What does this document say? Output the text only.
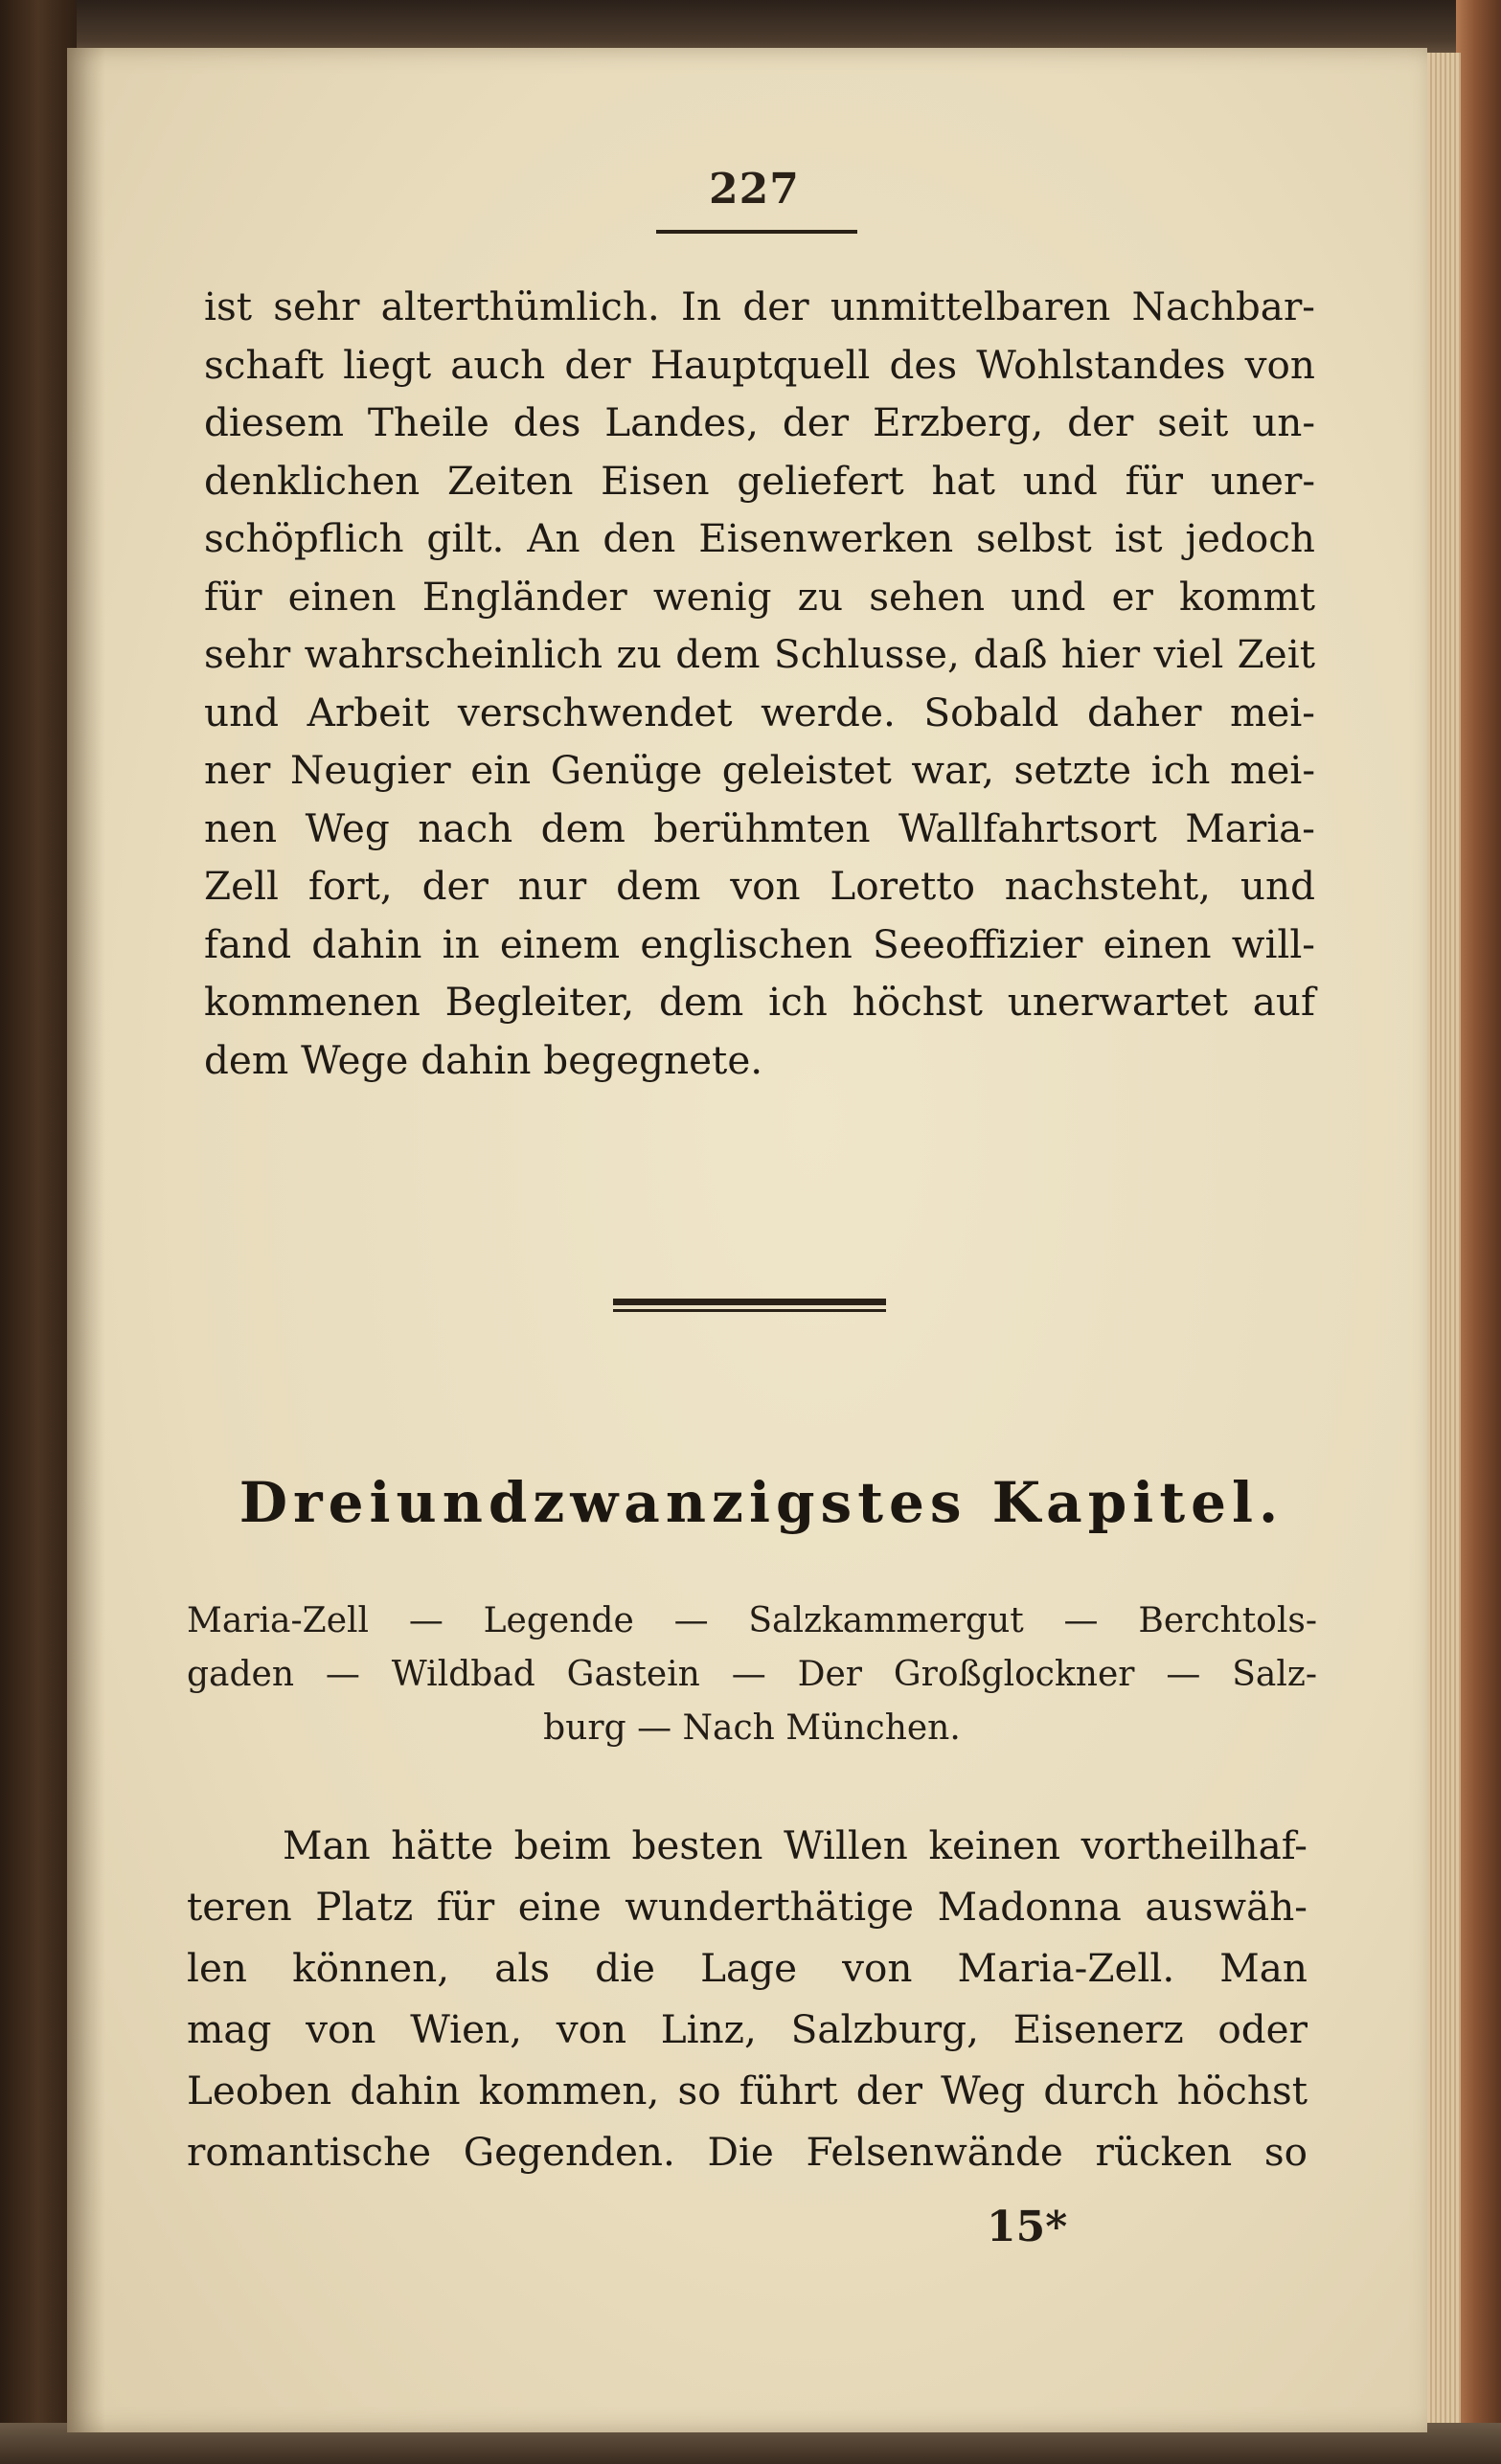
227
ist sehr alterthümlich. In der unmittelbaren Nachbar-
schaft liegt auch der Hauptquell des Wohlstandes von
diesem Theile des Landes, der Erzberg, der seit un-
denklichen Zeiten Eisen geliefert hat und für uner-
schöpflich gilt. An den Eisenwerken selbst ist jedoch
für einen Engländer wenig zu sehen und er kommt
sehr wahrscheinlich zu dem Schlusse, daß hier viel Zeit
und Arbeit verschwendet werde. Sobald daher mei-
ner Neugier ein Genüge geleistet war, setzte ich mei-
nen Weg nach dem berühmten Wallfahrtsort Maria-
Zell fort, der nur dem von Loretto nachsteht, und
fand dahin in einem englischen Seeoffizier einen will-
kommenen Begleiter, dem ich höchst unerwartet auf
dem Wege dahin begegnete.
Dreiundzwanzigstes Kapitel.
Maria-Zell — Legende — Salzkammergut — Berchtols-
gaden — Wildbad Gastein — Der Großglockner — Salz-
burg — Nach München.
Man hätte beim besten Willen keinen vortheilhaf-
teren Platz für eine wunderthätige Madonna auswäh-
len können, als die Lage von Maria-Zell. Man
mag von Wien, von Linz, Salzburg, Eisenerz oder
Leoben dahin kommen, so führt der Weg durch höchst
romantische Gegenden. Die Felsenwände rücken so
15*
